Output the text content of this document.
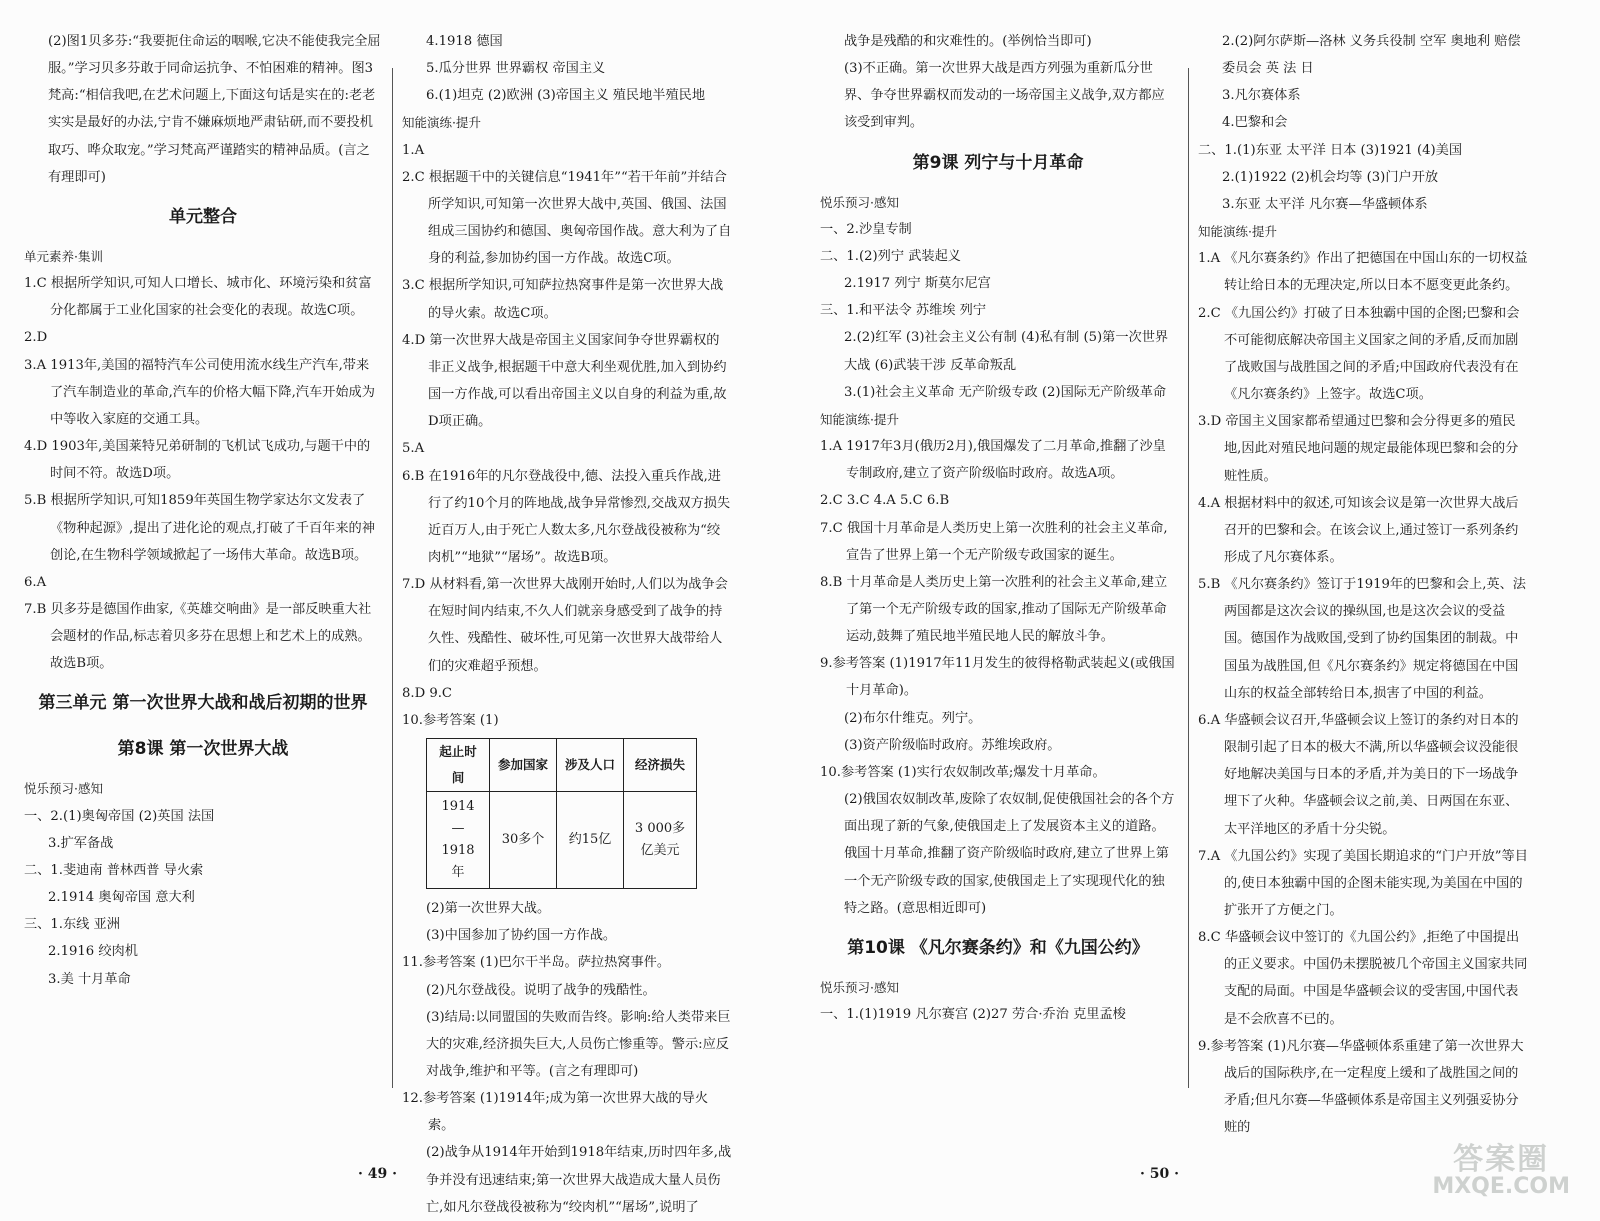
(2)图1贝多芬:“我要扼住命运的咽喉,它决不能使我完全屈服。”学习贝多芬敢于同命运抗争、不怕困难的精神。图3梵高:“相信我吧,在艺术问题上,下面这句话是实在的:老老实实是最好的办法,宁肯不嫌麻烦地严肃钻研,而不要投机取巧、哗众取宠。”学习梵高严谨踏实的精神品质。(言之有理即可)

单元整合

单元素养·集训

1.C 根据所学知识,可知人口增长、城市化、环境污染和贫富分化都属于工业化国家的社会变化的表现。故选C项。

2.D

3.A 1913年,美国的福特汽车公司使用流水线生产汽车,带来了汽车制造业的革命,汽车的价格大幅下降,汽车开始成为中等收入家庭的交通工具。

4.D 1903年,美国莱特兄弟研制的飞机试飞成功,与题干中的时间不符。故选D项。

5.B 根据所学知识,可知1859年英国生物学家达尔文发表了《物种起源》,提出了进化论的观点,打破了千百年来的神创论,在生物科学领域掀起了一场伟大革命。故选B项。

6.A

7.B 贝多芬是德国作曲家,《英雄交响曲》是一部反映重大社会题材的作品,标志着贝多芬在思想上和艺术上的成熟。故选B项。

第三单元 第一次世界大战和战后初期的世界

第8课 第一次世界大战

悦乐预习·感知

一、2.(1)奥匈帝国 (2)英国 法国

3.扩军备战

二、1.斐迪南 普林西普 导火索

2.1914 奥匈帝国 意大利

三、1.东线 亚洲

2.1916 绞肉机

3.美 十月革命

4.1918 德国

5.瓜分世界 世界霸权 帝国主义

6.(1)坦克 (2)欧洲 (3)帝国主义 殖民地半殖民地

知能演练·提升

1.A

2.C 根据题干中的关键信息“1941年”“若干年前”并结合所学知识,可知第一次世界大战中,英国、俄国、法国组成三国协约和德国、奥匈帝国作战。意大利为了自身的利益,参加协约国一方作战。故选C项。

3.C 根据所学知识,可知萨拉热窝事件是第一次世界大战的导火索。故选C项。

4.D 第一次世界大战是帝国主义国家间争夺世界霸权的非正义战争,根据题干中意大利坐观优胜,加入到协约国一方作战,可以看出帝国主义以自身的利益为重,故D项正确。

5.A

6.B 在1916年的凡尔登战役中,德、法投入重兵作战,进行了约10个月的阵地战,战争异常惨烈,交战双方损失近百万人,由于死亡人数太多,凡尔登战役被称为“绞肉机”“地狱”“屠场”。故选B项。

7.D 从材料看,第一次世界大战刚开始时,人们以为战争会在短时间内结束,不久人们就亲身感受到了战争的持久性、残酷性、破坏性,可见第一次世界大战带给人们的灾难超乎预想。

8.D 9.C

10.参考答案 (1)

起止时间	参加国家	涉及人口	经济损失
1914—1918年	30多个	约15亿	3 000多亿美元

(2)第一次世界大战。

(3)中国参加了协约国一方作战。

11.参考答案 (1)巴尔干半岛。萨拉热窝事件。

(2)凡尔登战役。说明了战争的残酷性。

(3)结局:以同盟国的失败而告终。影响:给人类带来巨大的灾难,经济损失巨大,人员伤亡惨重等。警示:应反对战争,维护和平等。(言之有理即可)

12.参考答案 (1)1914年;成为第一次世界大战的导火索。

(2)战争从1914年开始到1918年结束,历时四年多,战争并没有迅速结束;第一次世界大战造成大量人员伤亡,如凡尔登战役被称为“绞肉机”“屠场”,说明了

· 49 ·

战争是残酷的和灾难性的。(举例恰当即可)

(3)不正确。第一次世界大战是西方列强为重新瓜分世界、争夺世界霸权而发动的一场帝国主义战争,双方都应该受到审判。

第9课 列宁与十月革命

悦乐预习·感知

一、2.沙皇专制

二、1.(2)列宁 武装起义

2.1917 列宁 斯莫尔尼宫

三、1.和平法令 苏维埃 列宁

2.(2)红军 (3)社会主义公有制 (4)私有制 (5)第一次世界大战 (6)武装干涉 反革命叛乱

3.(1)社会主义革命 无产阶级专政 (2)国际无产阶级革命

知能演练·提升

1.A 1917年3月(俄历2月),俄国爆发了二月革命,推翻了沙皇专制政府,建立了资产阶级临时政府。故选A项。

2.C 3.C 4.A 5.C 6.B

7.C 俄国十月革命是人类历史上第一次胜利的社会主义革命,宣告了世界上第一个无产阶级专政国家的诞生。

8.B 十月革命是人类历史上第一次胜利的社会主义革命,建立了第一个无产阶级专政的国家,推动了国际无产阶级革命运动,鼓舞了殖民地半殖民地人民的解放斗争。

9.参考答案 (1)1917年11月发生的彼得格勒武装起义(或俄国十月革命)。

(2)布尔什维克。列宁。

(3)资产阶级临时政府。苏维埃政府。

10.参考答案 (1)实行农奴制改革;爆发十月革命。

(2)俄国农奴制改革,废除了农奴制,促使俄国社会的各个方面出现了新的气象,使俄国走上了发展资本主义的道路。俄国十月革命,推翻了资产阶级临时政府,建立了世界上第一个无产阶级专政的国家,使俄国走上了实现现代化的独特之路。(意思相近即可)

第10课 《凡尔赛条约》和《九国公约》

悦乐预习·感知

一、1.(1)1919 凡尔赛宫 (2)27 劳合·乔治 克里孟梭

2.(2)阿尔萨斯—洛林 义务兵役制 空军 奥地利 赔偿委员会 英 法 日

3.凡尔赛体系

4.巴黎和会

二、1.(1)东亚 太平洋 日本 (3)1921 (4)美国

2.(1)1922 (2)机会均等 (3)门户开放

3.东亚 太平洋 凡尔赛—华盛顿体系

知能演练·提升

1.A 《凡尔赛条约》作出了把德国在中国山东的一切权益转让给日本的无理决定,所以日本不愿变更此条约。

2.C 《九国公约》打破了日本独霸中国的企图;巴黎和会不可能彻底解决帝国主义国家之间的矛盾,反而加剧了战败国与战胜国之间的矛盾;中国政府代表没有在《凡尔赛条约》上签字。故选C项。

3.D 帝国主义国家都希望通过巴黎和会分得更多的殖民地,因此对殖民地问题的规定最能体现巴黎和会的分赃性质。

4.A 根据材料中的叙述,可知该会议是第一次世界大战后召开的巴黎和会。在该会议上,通过签订一系列条约形成了凡尔赛体系。

5.B 《凡尔赛条约》签订于1919年的巴黎和会上,英、法两国都是这次会议的操纵国,也是这次会议的受益国。德国作为战败国,受到了协约国集团的制裁。中国虽为战胜国,但《凡尔赛条约》规定将德国在中国山东的权益全部转给日本,损害了中国的利益。

6.A 华盛顿会议召开,华盛顿会议上签订的条约对日本的限制引起了日本的极大不满,所以华盛顿会议没能很好地解决美国与日本的矛盾,并为美日的下一场战争埋下了火种。华盛顿会议之前,美、日两国在东亚、太平洋地区的矛盾十分尖锐。

7.A 《九国公约》实现了美国长期追求的“门户开放”等目的,使日本独霸中国的企图未能实现,为美国在中国的扩张开了方便之门。

8.C 华盛顿会议中签订的《九国公约》,拒绝了中国提出的正义要求。中国仍未摆脱被几个帝国主义国家共同支配的局面。中国是华盛顿会议的受害国,中国代表是不会欣喜不已的。

9.参考答案 (1)凡尔赛—华盛顿体系重建了第一次世界大战后的国际秩序,在一定程度上缓和了战胜国之间的矛盾;但凡尔赛—华盛顿体系是帝国主义列强妥协分赃的

· 50 ·	答案圈
MXQE.COM
